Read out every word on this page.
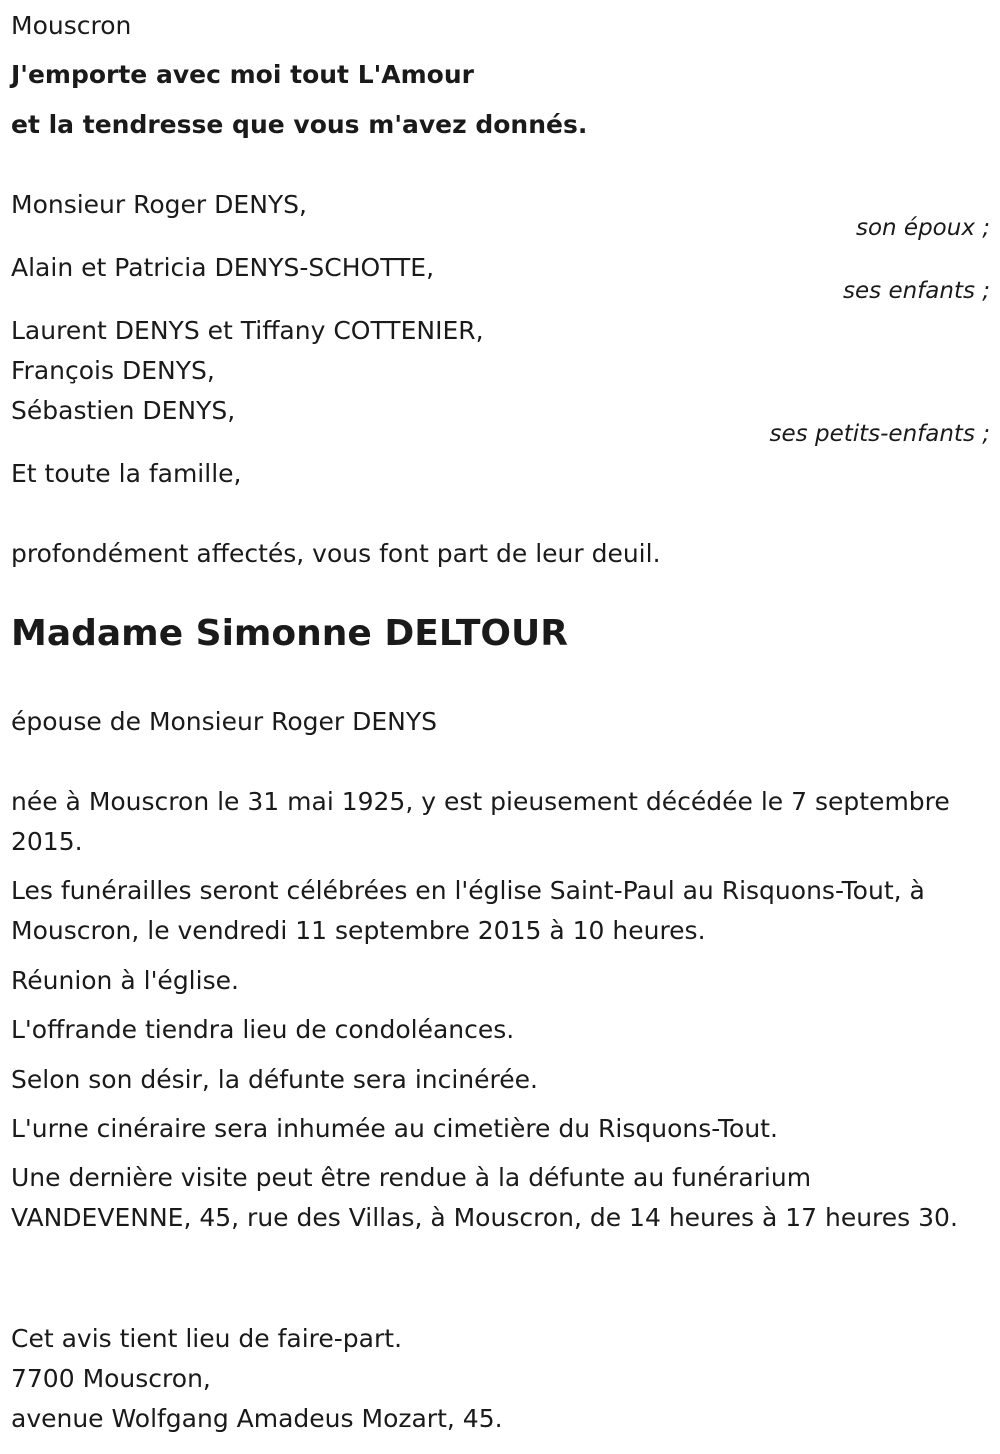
Mouscron

J'emporte avec moi tout L'Amour

et la tendresse que vous m'avez donnés.

Monsieur Roger DENYS,

son époux ;

Alain et Patricia DENYS-SCHOTTE,

ses enfants ;

Laurent DENYS et Tiffany COTTENIER,

François DENYS,

Sébastien DENYS,

ses petits-enfants ;

Et toute la famille,

profondément affectés, vous font part de leur deuil.

Madame Simonne DELTOUR

épouse de Monsieur Roger DENYS

née à Mouscron le 31 mai 1925, y est pieusement décédée le 7 septembre 2015.

Les funérailles seront célébrées en l'église Saint-Paul au Risquons-Tout, à Mouscron, le vendredi 11 septembre 2015 à 10 heures.

Réunion à l'église.

L'offrande tiendra lieu de condoléances.

Selon son désir, la défunte sera incinérée.

L'urne cinéraire sera inhumée au cimetière du Risquons-Tout.

Une dernière visite peut être rendue à la défunte au funérarium VANDEVENNE, 45, rue des Villas, à Mouscron, de 14 heures à 17 heures 30.

Cet avis tient lieu de faire-part.

7700 Mouscron,

avenue Wolfgang Amadeus Mozart, 45.
